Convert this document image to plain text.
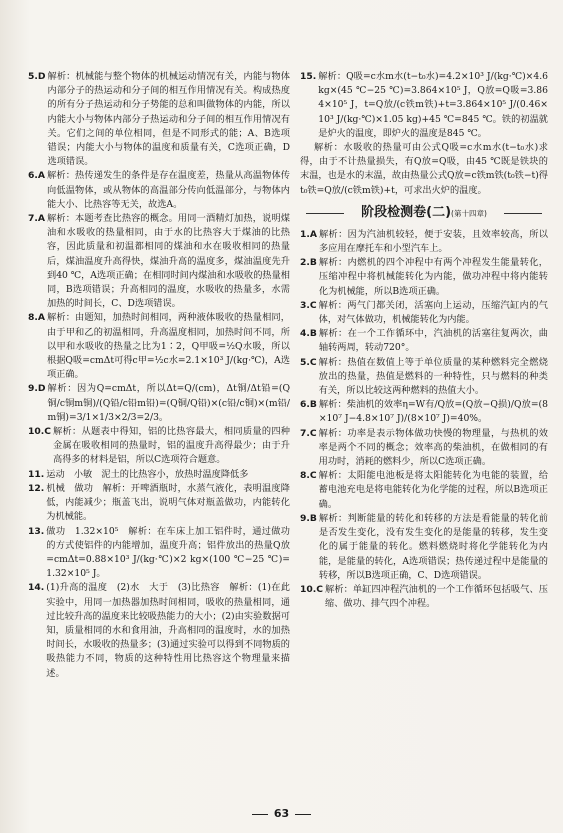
5.D 解析：机械能与整个物体的机械运动情况有关，内能与物体内部分子的热运动和分子间的相互作用情况有关。构成热度的所有分子热运动和分子势能的总和叫做物体的内能，所以内能大小与物体内部分子热运动和分子间的相互作用情况有关。它们之间的单位相同，但是不同形式的能；A、B选项错误；内能大小与物体的温度和质量有关，C选项正确，D选项错误。
6.A 解析：热传递发生的条件是存在温度差，热量从高温物体传向低温物体，或从物体的高温部分传向低温部分，与物体内能大小、比热容等无关，故选A。
7.A 解析：本题考查比热容的概念。用同一酒精灯加热，说明煤油和水吸收的热量相同，由于水的比热容大于煤油的比热容，因此质量和初温都相同的煤油和水在吸收相同的热量后，煤油温度升高得快，煤油升高的温度多，煤油温度先升到40 ℃，A选项正确；在相同时间内煤油和水吸收的热量相同，B选项错误；升高相同的温度，水吸收的热量多，水需加热的时间长，C、D选项错误。
8.A 解析：由题知，加热时间相同，两种液体吸收的热量相同，由于甲和乙的初温相同，升高温度相同，加热时间不同，所以甲和水吸收的热量之比为1∶2，Q甲吸=½Q水吸，所以根据Q吸=cmΔt可得c甲=½c水=2.1×10³ J/(kg·℃)，A选项正确。
9.D 解析：因为Q=cmΔt，所以Δt=Q/(cm)，Δt铜/Δt铅=(Q铜/c铜m铜)/(Q铅/c铅m铅)=(Q铜/Q铅)×(c铅/c铜)×(m铅/m铜)=3/1×1/3×2/3=2/3。
10.C 解析：从题表中得知，铝的比热容最大，相同质量的四种金属在吸收相同的热量时，铝的温度升高得最少；由于升高得多的材料是铝，所以C选项符合题意。
11. 运动　小敏　泥土的比热容小，放热时温度降低多
12. 机械　做功　解析：开啤酒瓶时，水蒸气液化，表明温度降低，内能减少；瓶盖飞出，说明气体对瓶盖做功，内能转化为机械能。
13. 做功　1.32×10⁵　解析：在车床上加工铝件时，通过做功的方式使铝件的内能增加，温度升高；铝件放出的热量Q放=cmΔt=0.88×10³ J/(kg·℃)×2 kg×(100 ℃−25 ℃)=1.32×10⁵ J。
14. (1)升高的温度　(2)水　大于　(3)比热容　解析：(1)在此实验中，用同一加热器加热时间相同，吸收的热量相同，通过比较升高的温度来比较吸热能力的大小；(2)由实验数据可知，质量相同的水和食用油，升高相同的温度时，水的加热时间长，水吸收的热量多；(3)通过实验可以得到不同物质的吸热能力不同，物质的这种特性用比热容这个物理量来描述。
15. 解析：Q吸=c水m水(t−t₀水)=4.2×10³ J/(kg·℃)×4.6 kg×(45 ℃−25 ℃)=3.864×10⁵ J，Q放=Q吸=3.864×10⁵ J，t=Q放/(c铁m铁)+t=3.864×10⁵ J/(0.46×10³ J/(kg·℃)×1.05 kg)+45 ℃=845 ℃。铁的初温就是炉火的温度，即炉火的温度是845 ℃。
解析：水吸收的热量可由公式Q吸=c水m水(t−t₀水)求得，由于不计热量损失，有Q放=Q吸，由45 ℃既是铁块的末温，也是水的末温，故由热量公式Q放=c铁m铁(t₀铁−t)得t₀铁=Q放/(c铁m铁)+t，可求出火炉的温度。
阶段检测卷(二)(第十四章)
1.A 解析：因为汽油机较轻，便于安装，且效率较高，所以多应用在摩托车和小型汽车上。
2.B 解析：内燃机的四个冲程中有两个冲程发生能量转化，压缩冲程中将机械能转化为内能，做功冲程中将内能转化为机械能，所以B选项正确。
3.C 解析：两气门都关闭，活塞向上运动，压缩汽缸内的气体，对气体做功，机械能转化为内能。
4.B 解析：在一个工作循环中，汽油机的活塞往复两次，曲轴转两周，转动720°。
5.C 解析：热值在数值上等于单位质量的某种燃料完全燃烧放出的热量，热值是燃料的一种特性，只与燃料的种类有关，所以比较这两种燃料的热值大小。
6.B 解析：柴油机的效率η=W有/Q放=(Q放−Q损)/Q放=(8×10⁷ J−4.8×10⁷ J)/(8×10⁷ J)=40%。
7.C 解析：功率是表示物体做功快慢的物理量，与热机的效率是两个不同的概念；效率高的柴油机，在做相同的有用功时，消耗的燃料少，所以C选项正确。
8.C 解析：太阳能电池板是将太阳能转化为电能的装置，给蓄电池充电是将电能转化为化学能的过程，所以B选项正确。
9.B 解析：判断能量的转化和转移的方法是看能量的转化前是否发生变化，没有发生变化的是能量的转移，发生变化的属于能量的转化。燃料燃烧时将化学能转化为内能，是能量的转化，A选项错误；热传递过程中是能量的转移，所以B选项正确，C、D选项错误。
10.C 解析：单缸四冲程汽油机的一个工作循环包括吸气、压缩、做功、排气四个冲程。
63
